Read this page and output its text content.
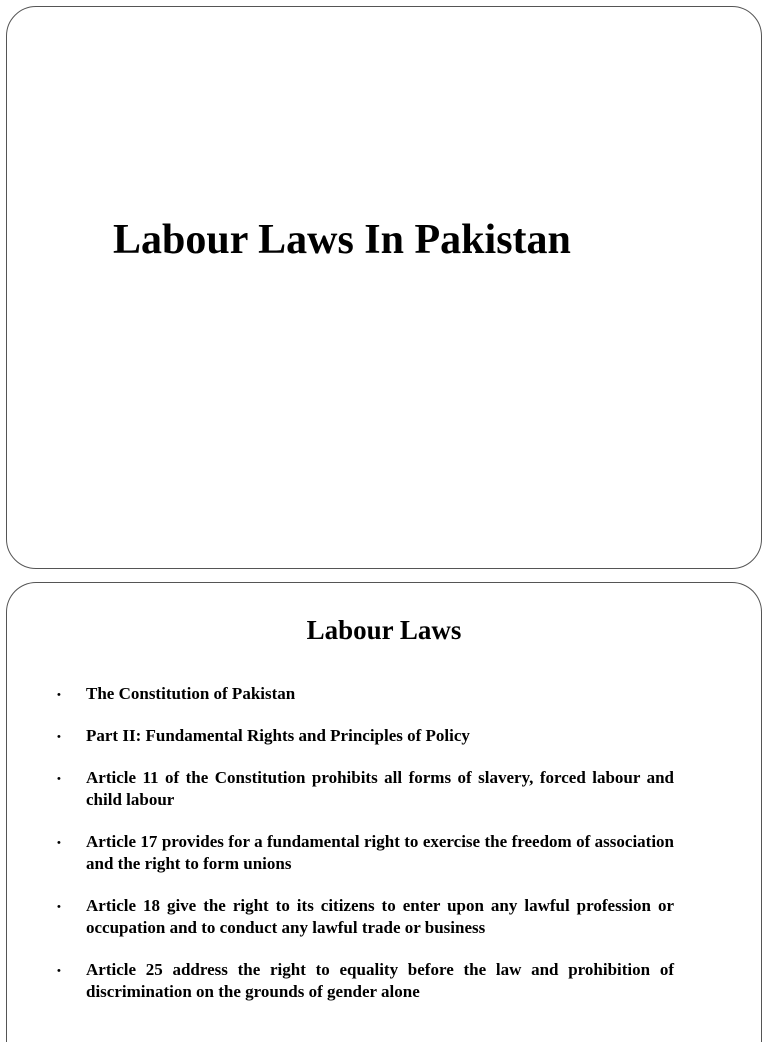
Labour Laws In Pakistan
Labour Laws
•	The Constitution of Pakistan
•	Part II: Fundamental Rights and Principles of Policy
•	Article 11 of the Constitution prohibits all forms of slavery, forced labour and child labour
•	Article 17 provides for a fundamental right to exercise the freedom of association and the right to form unions
•	Article 18 give the right to its citizens to enter upon any lawful profession or occupation and to conduct any lawful trade or business
•	Article 25 address the right to equality before the law and prohibition of discrimination on the grounds of gender alone
